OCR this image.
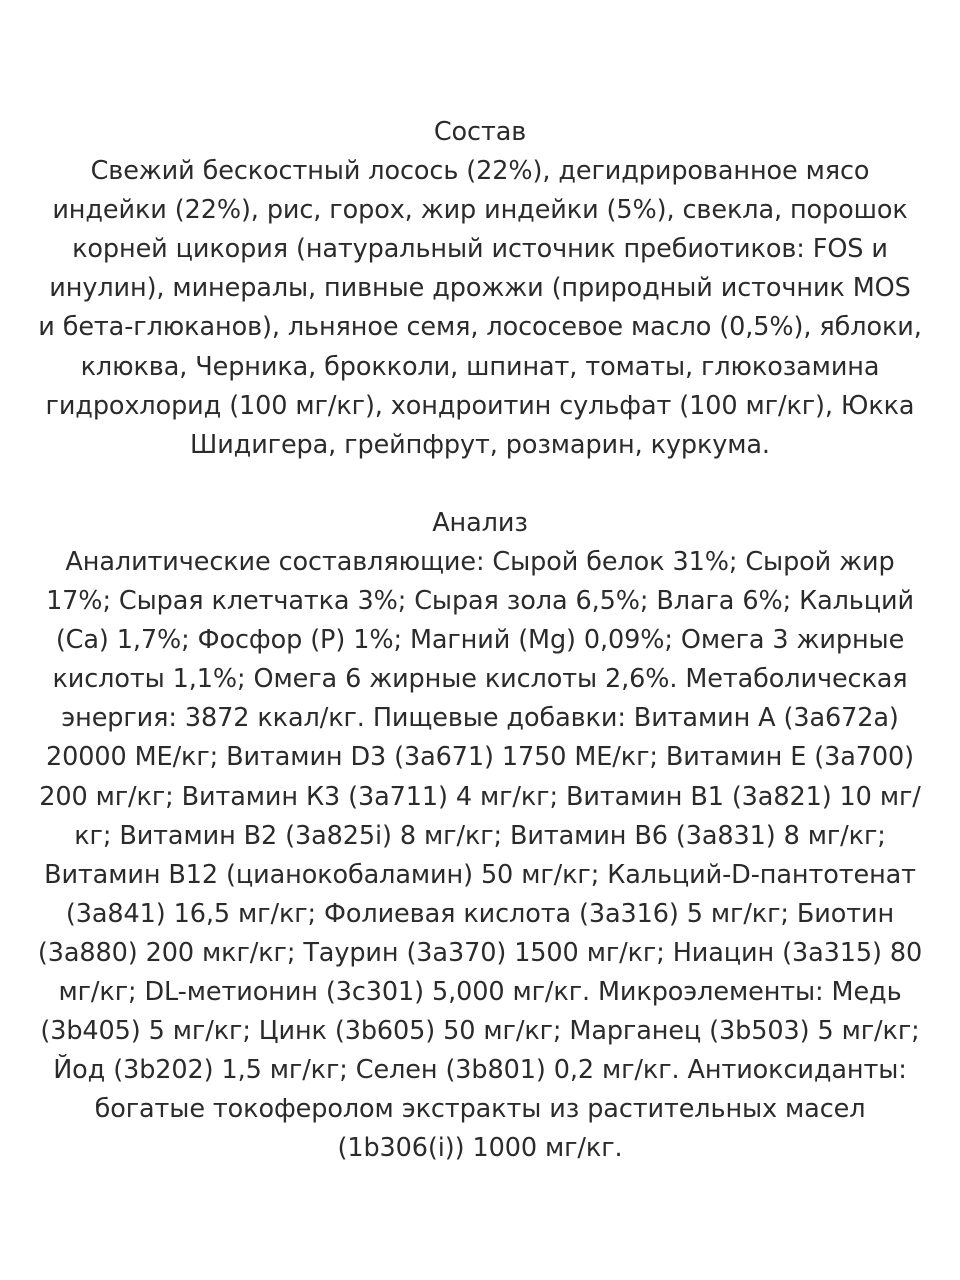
Состав
Свежий бескостный лосось (22%), дегидрированное мясо
индейки (22%), рис, горох, жир индейки (5%), свекла, порошок
корней цикория (натуральный источник пребиотиков: FOS и
инулин), минералы, пивные дрожжи (природный источник MOS
и бета-глюканов), льняное семя, лососевое масло (0,5%), яблоки,
клюква, Черника, брокколи, шпинат, томаты, глюкозамина
гидрохлорид (100 мг/кг), хондроитин сульфат (100 мг/кг), Юкка
Шидигера, грейпфрут, розмарин, куркума.
Анализ
Аналитические составляющие: Сырой белок 31%; Сырой жир
17%; Сырая клетчатка 3%; Сырая зола 6,5%; Влага 6%; Кальций
(Ca) 1,7%; Фосфор (P) 1%; Магний (Mg) 0,09%; Омега 3 жирные
кислоты 1,1%; Омега 6 жирные кислоты 2,6%. Метаболическая
энергия: 3872 ккал/кг. Пищевые добавки: Витамин А (3a672a)
20000 МЕ/кг; Витамин D3 (3a671) 1750 МЕ/кг; Витамин Е (3a700)
200 мг/кг; Витамин К3 (3a711) 4 мг/кг; Витамин В1 (3a821) 10 мг/
кг; Витамин В2 (3a825i) 8 мг/кг; Витамин В6 (3a831) 8 мг/кг;
Витамин В12 (цианокобаламин) 50 мг/кг; Кальций-D-пантотенат
(3a841) 16,5 мг/кг; Фолиевая кислота (3a316) 5 мг/кг; Биотин
(3a880) 200 мкг/кг; Таурин (3a370) 1500 мг/кг; Ниацин (3a315) 80
мг/кг; DL-метионин (3c301) 5,000 мг/кг. Микроэлементы: Медь
(3b405) 5 мг/кг; Цинк (3b605) 50 мг/кг; Марганец (3b503) 5 мг/кг;
Йод (3b202) 1,5 мг/кг; Селен (3b801) 0,2 мг/кг. Антиоксиданты:
богатые токоферолом экстракты из растительных масел
(1b306(i)) 1000 мг/кг.
